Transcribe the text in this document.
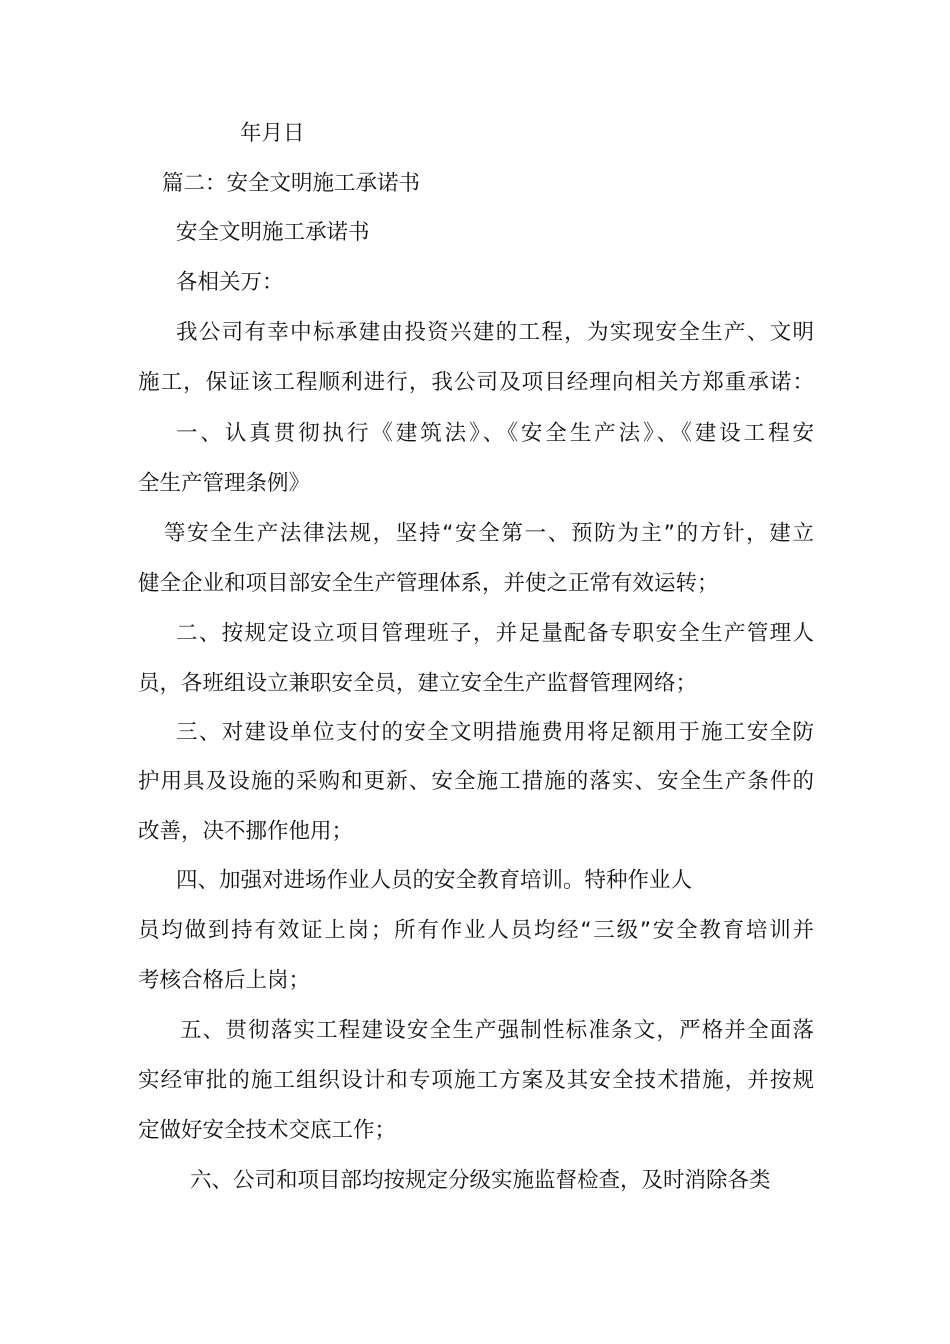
年月日
篇二：安全文明施工承诺书
安全文明施工承诺书
各相关万：
我公司有幸中标承建由投资兴建的工程，为实现安全生产、文明
施工，保证该工程顺利进行，我公司及项目经理向相关方郑重承诺：
一、认真贯彻执行《建筑法》、《安全生产法》、《建设工程安
全生产管理条例》
等安全生产法律法规，坚持“安全第一、预防为主”的方针，建立
健全企业和项目部安全生产管理体系，并使之正常有效运转；
二、按规定设立项目管理班子，并足量配备专职安全生产管理人
员，各班组设立兼职安全员，建立安全生产监督管理网络；
三、对建设单位支付的安全文明措施费用将足额用于施工安全防
护用具及设施的采购和更新、安全施工措施的落实、安全生产条件的
改善，决不挪作他用；
四、加强对进场作业人员的安全教育培训。特种作业人
员均做到持有效证上岗；所有作业人员均经“三级”安全教育培训并
考核合格后上岗；
五、贯彻落实工程建设安全生产强制性标准条文，严格并全面落
实经审批的施工组织设计和专项施工方案及其安全技术措施，并按规
定做好安全技术交底工作；
六、公司和项目部均按规定分级实施监督检查，及时消除各类
